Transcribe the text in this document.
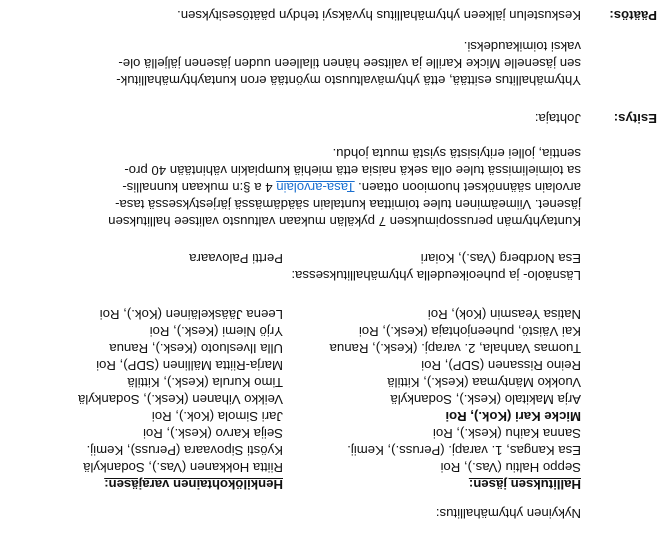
Nykyinen yhtymähallitus:
Hallituksen jäsen:
Henkilökohtainen varajäsen:
Seppo Haltiu (Vas.), Roi
Riitta Hokkanen (Vas.), Sodankylä
Esa Kangas, 1. varapj. (Peruss.), Kemij.
Kyösti Sipovaara (Peruss), Kemij.
Sanna Kaihu (Kesk.), Roi
Seija Karvo (Kesk.), Roi
Micke Kari (Kok.), Roi
Jari Simola (Kok.), Roi
Arja Makitalo (Kesk.), Sodankylä
Veikko Vihanen (Kesk.), Sodankylä
Vuokko Mäntymaa (Kesk.), Kittilä
Timo Kurula (Kesk.), Kittilä
Reino Rissanen (SDP), Roi
Marja-Riitta Mällinen (SDP), Roi
Tuomas Vanhala, 2. varapj. (Kesk.), Ranua
Ulla Ilvesluoto (Kesk.), Ranua
Kai Väistö, puheenjohtaja (Kesk.), Roi
Yrjö Niemi (Kesk.), Roi
Natisa Yeasmin (Kok), Roi
Leena Jääskeläinen (Kok.), Roi
Läsnäolo- ja puheoikeudella yhtymähallituksessa:
Esa Nordberg (Vas.), Koiari
Pertti Palovaara
Kuntayhtymän perussopimuksen 7 pykälän mukaan valtuusto valitsee hallituksen
jäsenet. Viimeäminen tulee toimittaa kuntalain säädämässä järjestyksessä tasa-
arvolain säännökset huomioon ottaen. Tasa-arvolain 4 a §:n mukaan kunnallis-
sa toimielimissä tulee olla sekä naisia että miehiä kumpiakin vähintään 40 pro-
senttia, jollei erityisistä syistä muuta johdu.
Esitys:
Johtaja:
Yhtymähallitus esittää, että yhtymävaltuusto myöntää eron kuntayhtymähallituk-
sen jäsenelle Micke Karille ja valitsee hänen tilalleen uuden jäsenen jäljellä ole-
vaksi toimikaudeksi.
Päätös:
Keskustelun jälkeen yhtymähallitus hyväksyi tehdyn päätösesityksen.
